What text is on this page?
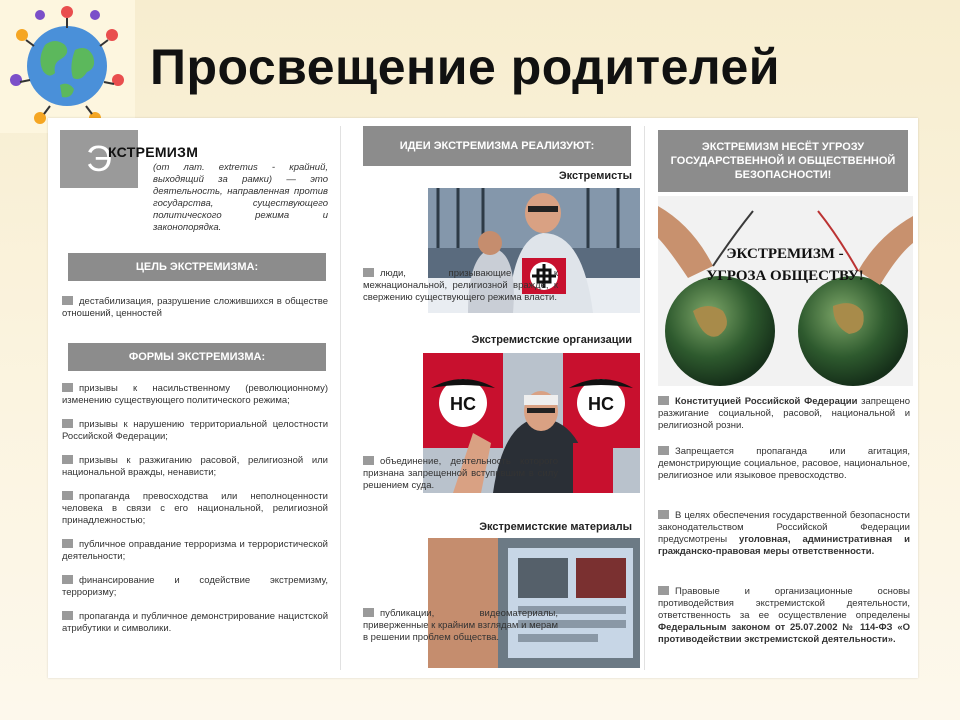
Просвещение родителей
Э
КСТРЕМИЗМ
(от лат. extremus - крайний, выходящий за рамки) — это деятельность, направленная против государства, существующего политического режима и законопорядка.
ЦЕЛЬ ЭКСТРЕМИЗМА:
дестабилизация, разрушение сложившихся в обществе отношений, ценностей
ФОРМЫ ЭКСТРЕМИЗМА:
призывы к насильственному (революционному) изменению существующего политического режима;
призывы к нарушению территориальной целостности Российской Федерации;
призывы к разжиганию расовой, религиозной или национальной вражды, ненависти;
пропаганда превосходства или неполноценности человека в связи с его национальной, религиозной принадлежностью;
публичное оправдание терроризма и террористической деятельности;
финансирование и содействие экстремизму, терроризму;
пропаганда и публичное демонстрирование нацистской атрибутики и символики.
ИДЕИ ЭКСТРЕМИЗМА РЕАЛИЗУЮТ:
Экстремисты
люди, призывающие к межнациональной, религиозной вражде, к свержению существующего режима власти.
Экстремистские организации
НС	НС
объединение, деятельность которого признана запрещенной вступившим в силу решением суда.
Экстремистские материалы
публикации, видеоматериалы, приверженные к крайним взглядам и мерам в решении проблем общества.
ЭКСТРЕМИЗМ НЕСЁТ УГРОЗУ ГОСУДАРСТВЕННОЙ И ОБЩЕСТВЕННОЙ БЕЗОПАСНОСТИ!
ЭКСТРЕМИЗМ -
УГРОЗА ОБЩЕСТВУ!
Конституцией Российской Федерации запрещено разжигание социальной, расовой, национальной и религиозной розни.
Запрещается пропаганда или агитация, демонстрирующие социальное, расовое, национальное, религиозное или языковое превосходство.
В целях обеспечения государственной безопасности законодательством Российской Федерации предусмотрены уголовная, административная и гражданско-правовая меры ответственности.
Правовые и организационные основы противодействия экстремистской деятельности, ответственность за ее осуществление определены Федеральным законом от 25.07.2002 № 114-ФЗ «О противодействии экстремистской деятельности».
